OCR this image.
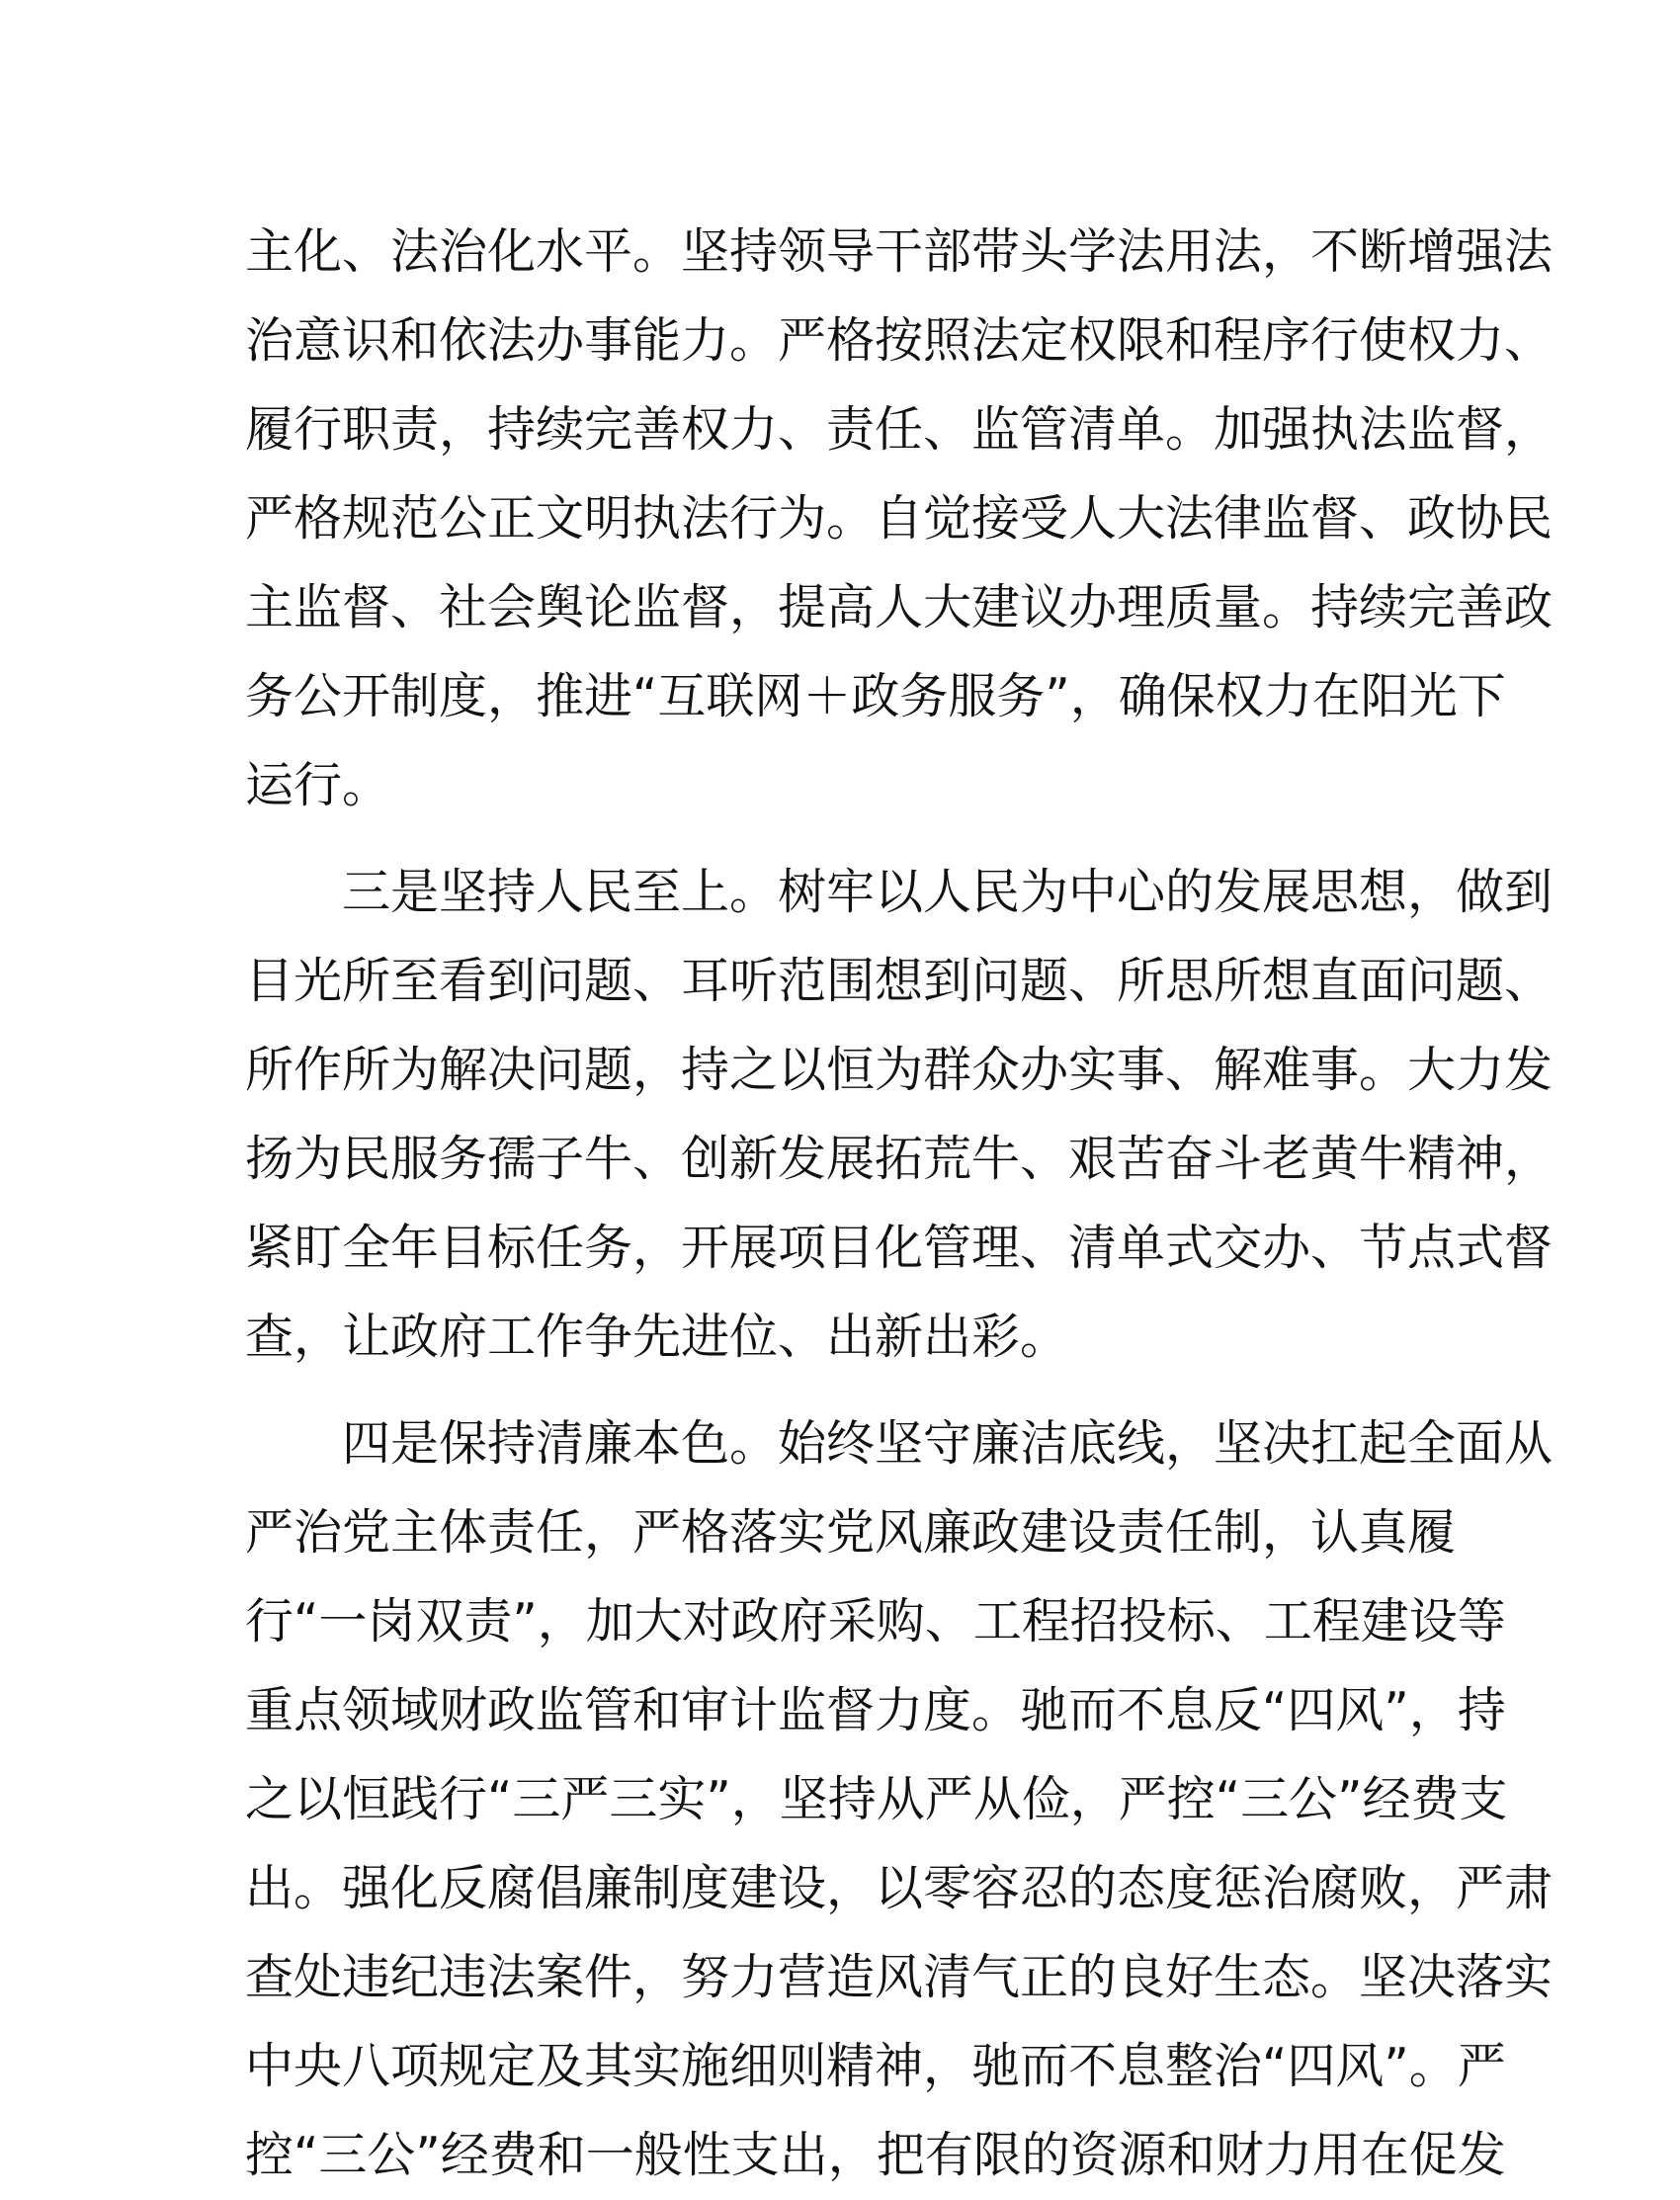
主化、法治化水平。坚持领导干部带头学法用法，不断增强法
治意识和依法办事能力。严格按照法定权限和程序行使权力、
履行职责，持续完善权力、责任、监管清单。加强执法监督，
严格规范公正文明执法行为。自觉接受人大法律监督、政协民
主监督、社会舆论监督，提高人大建议办理质量。持续完善政
务公开制度，推进“互联网＋政务服务”，确保权力在阳光下
运行。

三是坚持人民至上。树牢以人民为中心的发展思想，做到
目光所至看到问题、耳听范围想到问题、所思所想直面问题、
所作所为解决问题，持之以恒为群众办实事、解难事。大力发
扬为民服务孺子牛、创新发展拓荒牛、艰苦奋斗老黄牛精神，
紧盯全年目标任务，开展项目化管理、清单式交办、节点式督
查，让政府工作争先进位、出新出彩。

四是保持清廉本色。始终坚守廉洁底线，坚决扛起全面从
严治党主体责任，严格落实党风廉政建设责任制，认真履
行“一岗双责”，加大对政府采购、工程招投标、工程建设等
重点领域财政监管和审计监督力度。驰而不息反“四风”，持
之以恒践行“三严三实”，坚持从严从俭，严控“三公”经费支
出。强化反腐倡廉制度建设，以零容忍的态度惩治腐败，严肃
查处违纪违法案件，努力营造风清气正的良好生态。坚决落实
中央八项规定及其实施细则精神，驰而不息整治“四风”。严
控“三公”经费和一般性支出，把有限的资源和财力用在促发
